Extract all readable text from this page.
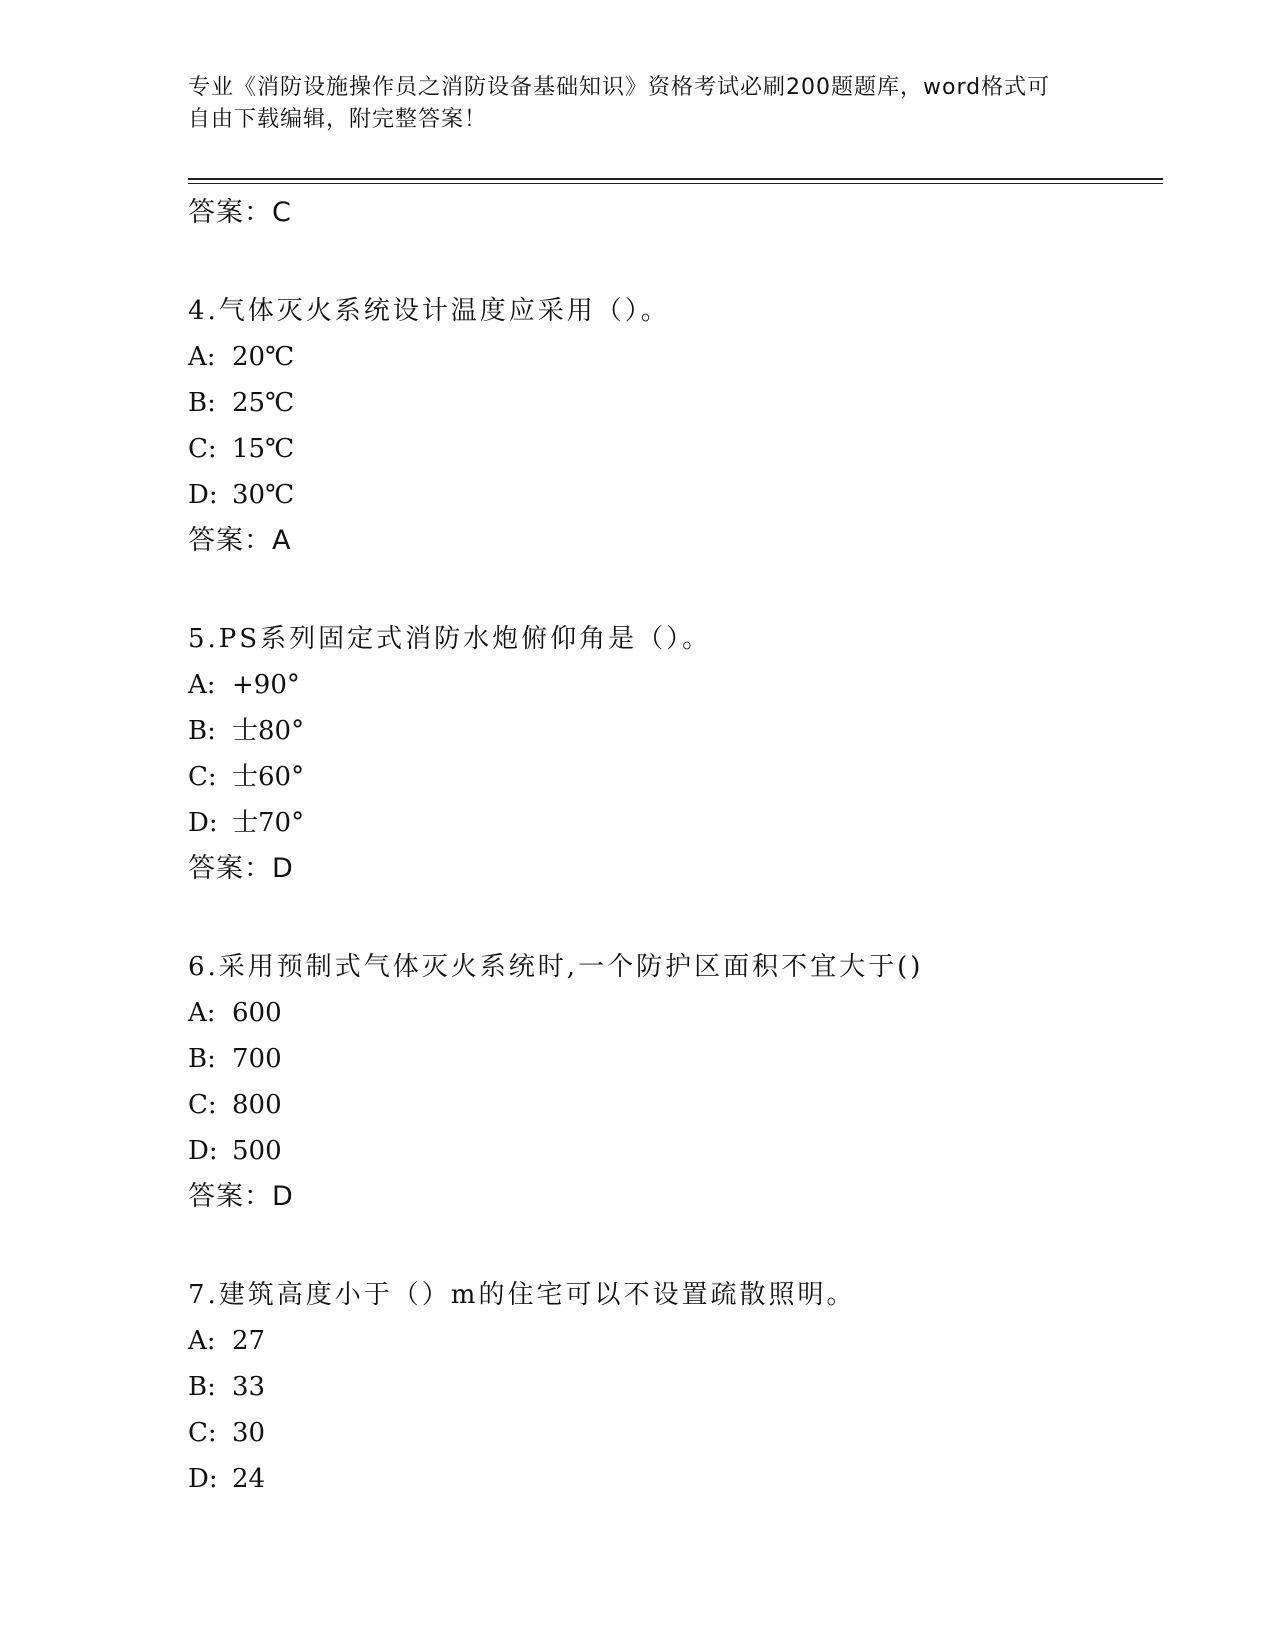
专业《消防设施操作员之消防设备基础知识》资格考试必刷200题题库，word格式可自由下载编辑，附完整答案！
答案：C
4.气体灭火系统设计温度应采用（）。
A: 20℃
B: 25℃
C: 15℃
D: 30℃
答案：A
5.PS系列固定式消防水炮俯仰角是（）。
A: +90°
B: 士80°
C: 士60°
D: 士70°
答案：D
6.采用预制式气体灭火系统时,一个防护区面积不宜大于()
A: 600
B: 700
C: 800
D: 500
答案：D
7.建筑高度小于（）m的住宅可以不设置疏散照明。
A: 27
B: 33
C: 30
D: 24
